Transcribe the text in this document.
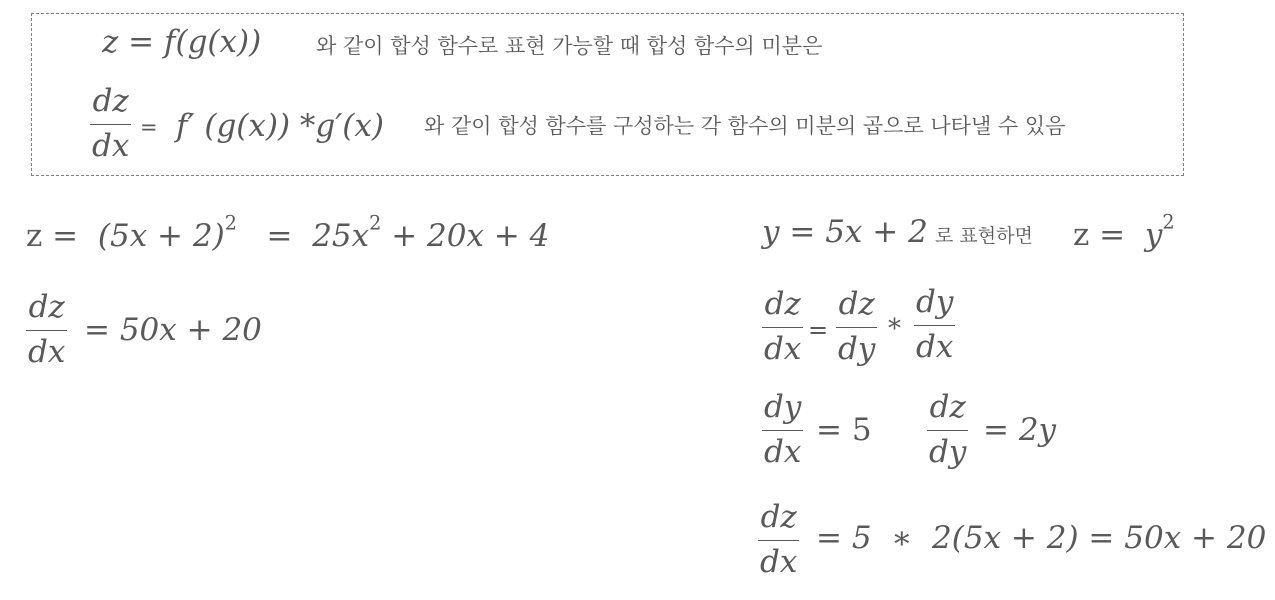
z = f(g(x))	와 같이 합성 함수로 표현 가능할 때 합성 함수의 미분은
dz
dx
= f′ (g(x)) *g′(x) 와 같이 합성 함수를 구성하는 각 함수의 미분의 곱으로 나타낼 수 있음
$z = (5x + 2)^2 = 25x^2 + 20x + 4$
dz
dx
= 50x + 20
y = 5x + 2 로 표현하면 $z = y^2$
dz
dx
=
dz
dy
*
dy
dx
dy
dx
= 5
dz
dy
= 2y
dz
dx
= 5  ∗  2(5x + 2) = 50x + 20
